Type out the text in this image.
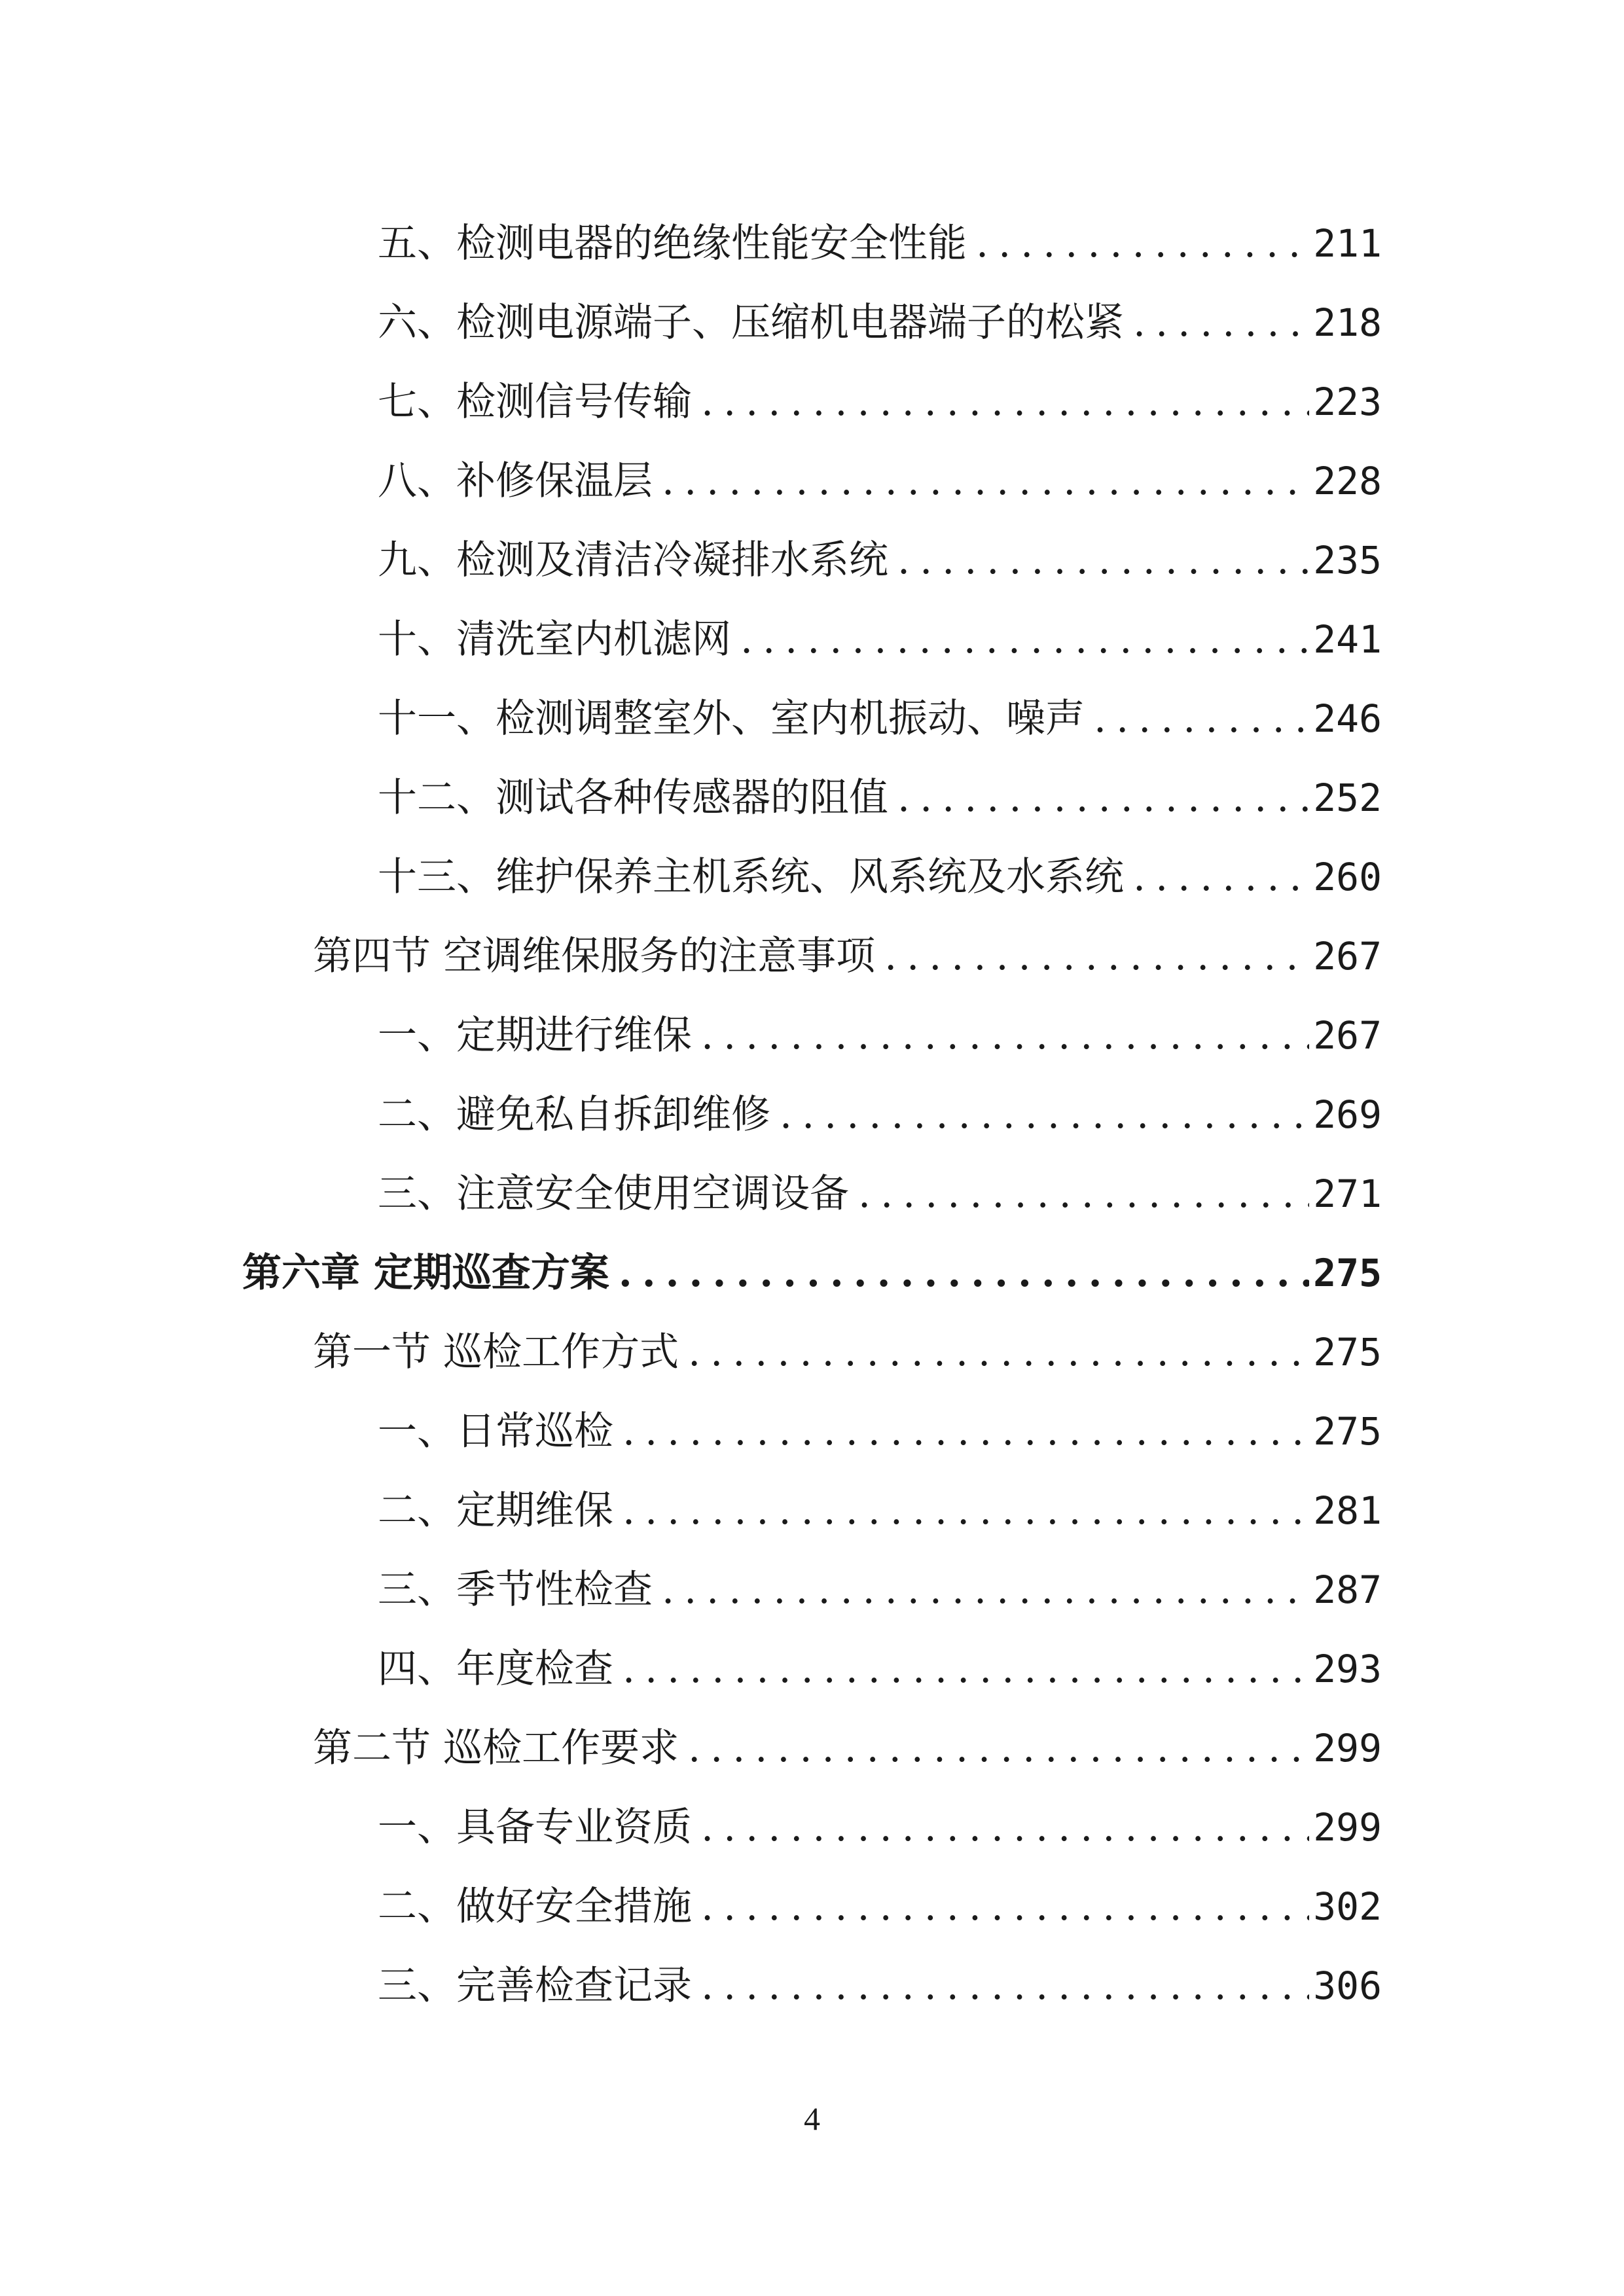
五、检测电器的绝缘性能安全性能 .....	211
六、检测电源端子、压缩机电器端子的松紧 .....	218
七、检测信号传输 .....	223
八、补修保温层 .....	228
九、检测及清洁冷凝排水系统 .....	235
十、清洗室内机滤网 .....	241
十一、检测调整室外、室内机振动、噪声 .....	246
十二、测试各种传感器的阻值 .....	252
十三、维护保养主机系统、风系统及水系统 .....	260
第四节 空调维保服务的注意事项 .....	267
一、定期进行维保 .....	267
二、避免私自拆卸维修 .....	269
三、注意安全使用空调设备 .....	271
第六章 定期巡查方案 .....	275
第一节 巡检工作方式 .....	275
一、日常巡检 .....	275
二、定期维保 .....	281
三、季节性检查 .....	287
四、年度检查 .....	293
第二节 巡检工作要求 .....	299
一、具备专业资质 .....	299
二、做好安全措施 .....	302
三、完善检查记录 .....	306
4
